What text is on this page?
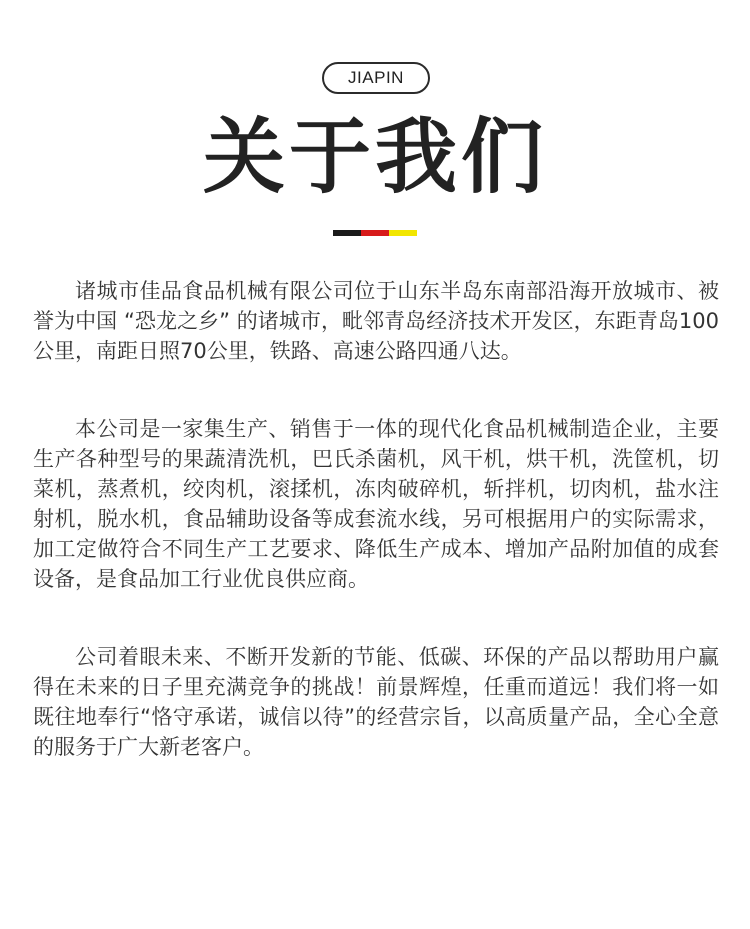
JIAPIN
关于我们

诸城市佳品食品机械有限公司位于山东半岛东南部沿海开放城市、被誉为中国 “恐龙之乡” 的诸城市，毗邻青岛经济技术开发区，东距青岛100公里，南距日照70公里，铁路、高速公路四通八达。

本公司是一家集生产、销售于一体的现代化食品机械制造企业，主要生产各种型号的果蔬清洗机，巴氏杀菌机，风干机，烘干机，洗筐机，切菜机，蒸煮机，绞肉机，滚揉机，冻肉破碎机，斩拌机，切肉机，盐水注射机，脱水机，食品辅助设备等成套流水线，另可根据用户的实际需求，加工定做符合不同生产工艺要求、降低生产成本、增加产品附加值的成套设备，是食品加工行业优良供应商。

公司着眼未来、不断开发新的节能、低碳、环保的产品以帮助用户赢得在未来的日子里充满竞争的挑战！前景辉煌，任重而道远！我们将一如既往地奉行“恪守承诺，诚信以待”的经营宗旨，以高质量产品，全心全意的服务于广大新老客户。
